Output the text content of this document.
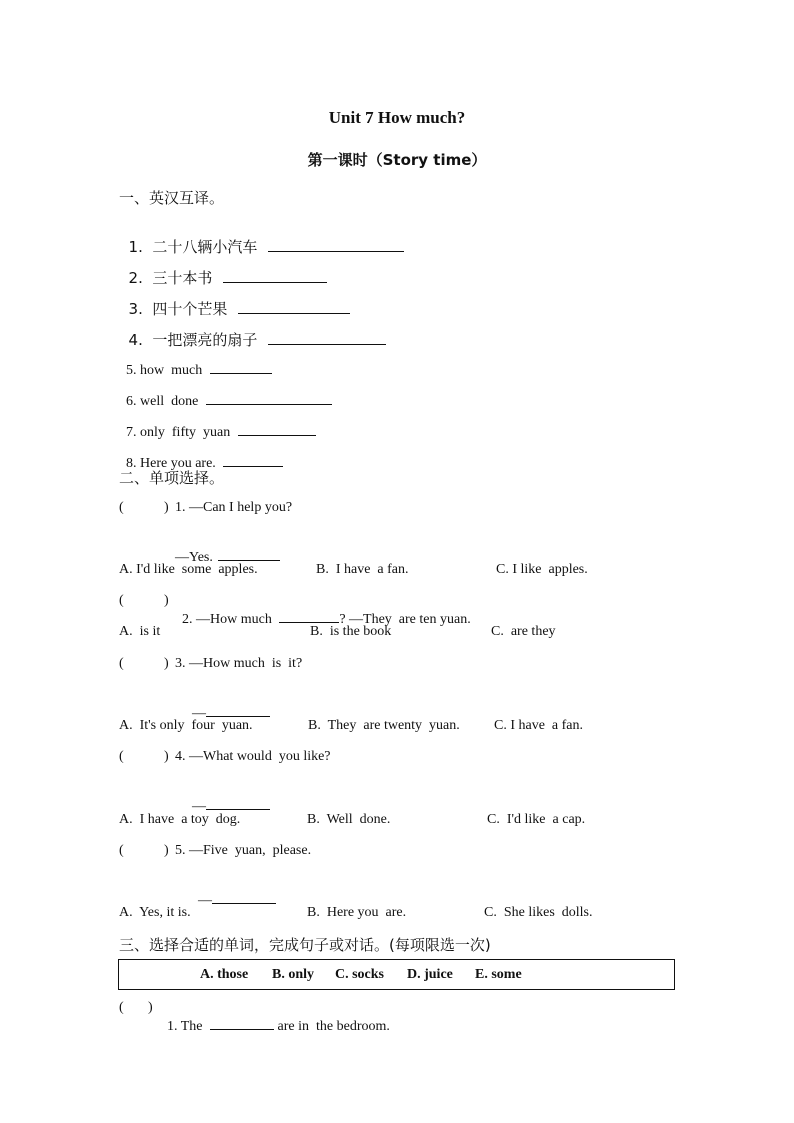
Unit 7 How much?
第一课时（Story time）
一、英汉互译。

1.  二十八辆小汽车

2.  三十本书

3.  四十个芒果

4.  一把漂亮的扇子

5. how  much

6. well  done

7. only  fifty  yuan

8. Here you are.

二、单项选择。
(	) 1. —Can I help you?

—Yes.

A. I'd like  some  apples.	B.  I have  a fan.	C. I like  apples.
(	)

2. —How much	? —They  are ten yuan.

A.  is it	B.  is the book	C.  are they
(	) 3. —How much  is  it?

—

A.  It's only  four  yuan.	B.  They  are twenty  yuan. C. I have  a fan.
(	) 4. —What would  you like?

—

A.  I have  a toy  dog.	B.  Well  done.	C.  I'd like  a cap.
(	) 5. —Five  yuan,  please.

—

A.  Yes, it is.	B.  Here you  are.	C.  She likes  dolls.
三、选择合适的单词，完成句子或对话。(每项限选一次)
A. those B. only C. socks D. juice E. some
( )

1. The	are in  the bedroom.
